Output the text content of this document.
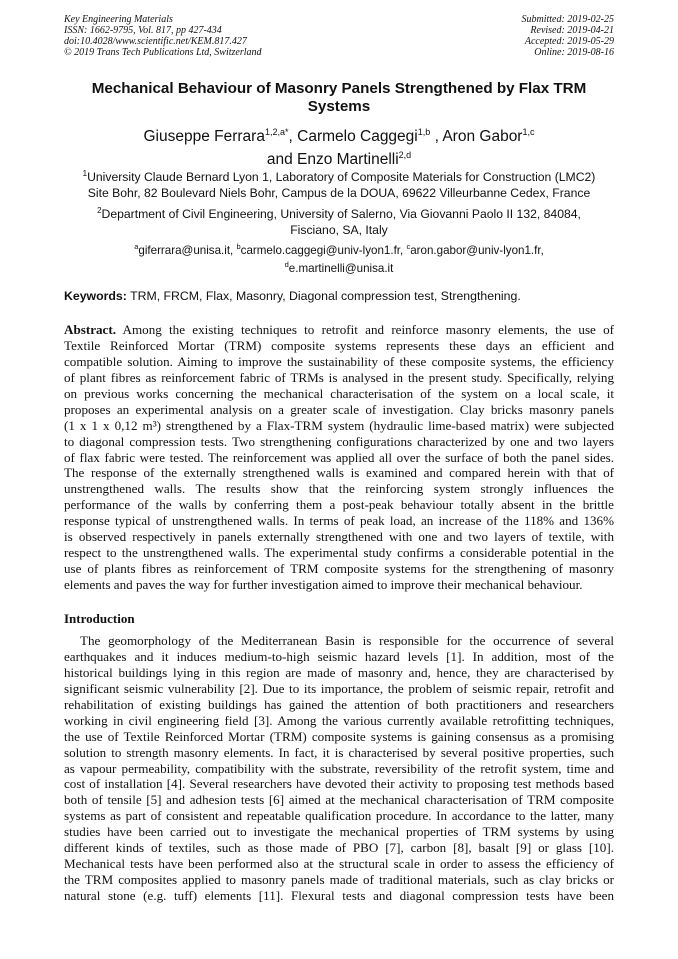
Key Engineering Materials
ISSN: 1662-9795, Vol. 817, pp 427-434
doi:10.4028/www.scientific.net/KEM.817.427
© 2019 Trans Tech Publications Ltd, Switzerland
Submitted: 2019-02-25
Revised: 2019-04-21
Accepted: 2019-05-29
Online: 2019-08-16
Mechanical Behaviour of Masonry Panels Strengthened by Flax TRM
Systems
Giuseppe Ferrara$^{1,2,a*}$, Carmelo Caggegi$^{1,b}$ , Aron Gabor$^{1,c}$
and Enzo Martinelli$^{2,d}$
$^1$University Claude Bernard Lyon 1, Laboratory of Composite Materials for Construction (LMC2)
Site Bohr, 82 Boulevard Niels Bohr, Campus de la DOUA, 69622 Villeurbanne Cedex, France
$^2$Department of Civil Engineering, University of Salerno, Via Giovanni Paolo II 132, 84084,
Fisciano, SA, Italy
$^a$giferrara@unisa.it, $^b$carmelo.caggegi@univ-lyon1.fr, $^c$aron.gabor@univ-lyon1.fr,
$^d$e.martinelli@unisa.it
Keywords: TRM, FRCM, Flax, Masonry, Diagonal compression test, Strengthening.
Abstract. Among the existing techniques to retrofit and reinforce masonry elements, the use of
Textile Reinforced Mortar (TRM) composite systems represents these days an efficient and
compatible solution. Aiming to improve the sustainability of these composite systems, the efficiency
of plant fibres as reinforcement fabric of TRMs is analysed in the present study. Specifically, relying
on previous works concerning the mechanical characterisation of the system on a local scale, it
proposes an experimental analysis on a greater scale of investigation. Clay bricks masonry panels
(1 x 1 x 0,12 m³) strengthened by a Flax-TRM system (hydraulic lime-based matrix) were subjected
to diagonal compression tests. Two strengthening configurations characterized by one and two layers
of flax fabric were tested. The reinforcement was applied all over the surface of both the panel sides.
The response of the externally strengthened walls is examined and compared herein with that of
unstrengthened walls. The results show that the reinforcing system strongly influences the
performance of the walls by conferring them a post-peak behaviour totally absent in the brittle
response typical of unstrengthened walls. In terms of peak load, an increase of the 118% and 136%
is observed respectively in panels externally strengthened with one and two layers of textile, with
respect to the unstrengthened walls. The experimental study confirms a considerable potential in the
use of plants fibres as reinforcement of TRM composite systems for the strengthening of masonry
elements and paves the way for further investigation aimed to improve their mechanical behaviour.
Introduction
The geomorphology of the Mediterranean Basin is responsible for the occurrence of several
earthquakes and it induces medium-to-high seismic hazard levels [1]. In addition, most of the
historical buildings lying in this region are made of masonry and, hence, they are characterised by
significant seismic vulnerability [2]. Due to its importance, the problem of seismic repair, retrofit and
rehabilitation of existing buildings has gained the attention of both practitioners and researchers
working in civil engineering field [3]. Among the various currently available retrofitting techniques,
the use of Textile Reinforced Mortar (TRM) composite systems is gaining consensus as a promising
solution to strength masonry elements. In fact, it is characterised by several positive properties, such
as vapour permeability, compatibility with the substrate, reversibility of the retrofit system, time and
cost of installation [4]. Several researchers have devoted their activity to proposing test methods based
both of tensile [5] and adhesion tests [6] aimed at the mechanical characterisation of TRM composite
systems as part of consistent and repeatable qualification procedure. In accordance to the latter, many
studies have been carried out to investigate the mechanical properties of TRM systems by using
different kinds of textiles, such as those made of PBO [7], carbon [8], basalt [9] or glass [10].
Mechanical tests have been performed also at the structural scale in order to assess the efficiency of
the TRM composites applied to masonry panels made of traditional materials, such as clay bricks or
natural stone (e.g. tuff) elements [11]. Flexural tests and diagonal compression tests have been
